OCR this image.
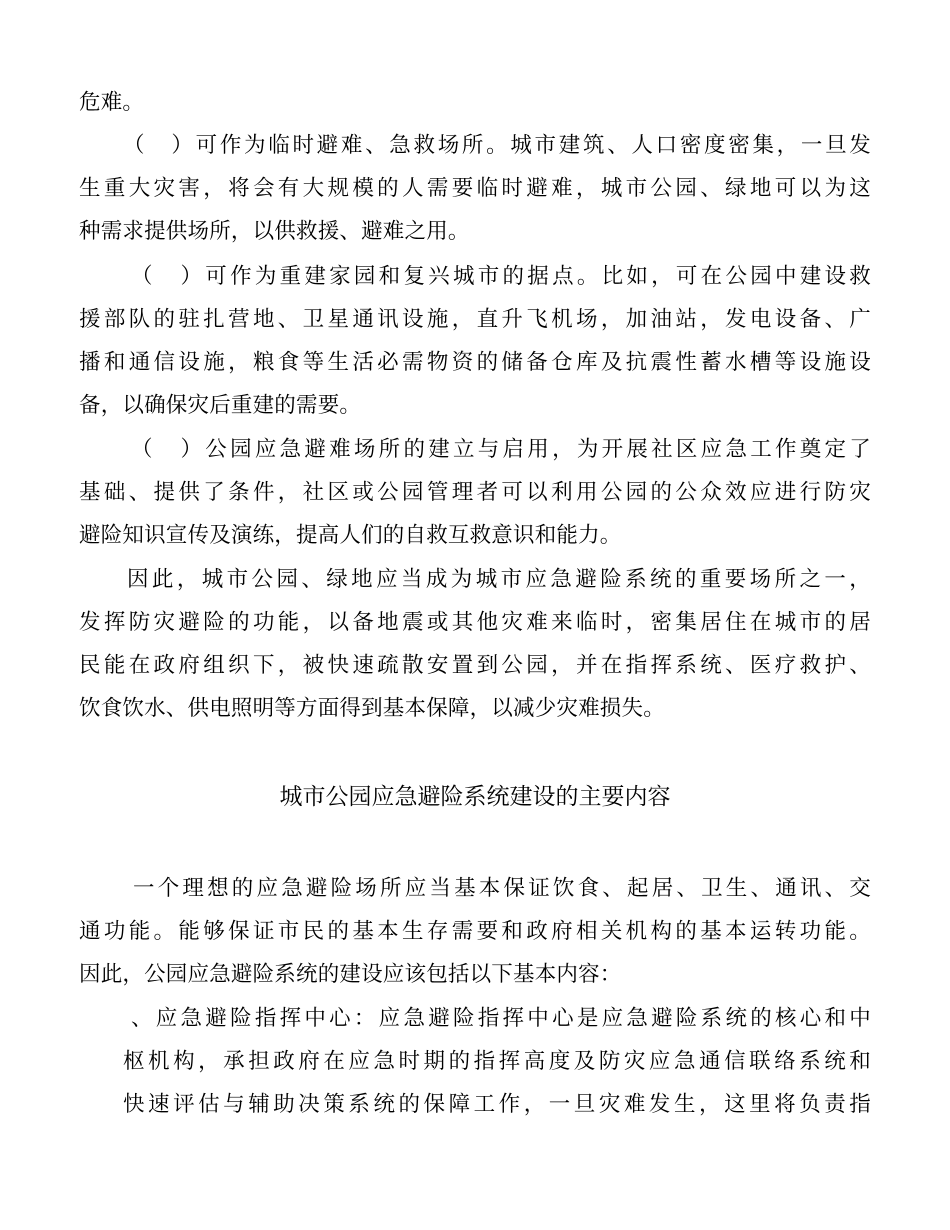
危难。
（　）可作为临时避难、急救场所。城市建筑、人口密度密集，一旦发
生重大灾害，将会有大规模的人需要临时避难，城市公园、绿地可以为这
种需求提供场所，以供救援、避难之用。
（　）可作为重建家园和复兴城市的据点。比如，可在公园中建设救
援部队的驻扎营地、卫星通讯设施，直升飞机场，加油站，发电设备、广
播和通信设施，粮食等生活必需物资的储备仓库及抗震性蓄水槽等设施设
备，以确保灾后重建的需要。
（　）公园应急避难场所的建立与启用，为开展社区应急工作奠定了
基础、提供了条件，社区或公园管理者可以利用公园的公众效应进行防灾
避险知识宣传及演练，提高人们的自救互救意识和能力。
因此，城市公园、绿地应当成为城市应急避险系统的重要场所之一，
发挥防灾避险的功能，以备地震或其他灾难来临时，密集居住在城市的居
民能在政府组织下，被快速疏散安置到公园，并在指挥系统、医疗救护、
饮食饮水、供电照明等方面得到基本保障，以减少灾难损失。
城市公园应急避险系统建设的主要内容
一个理想的应急避险场所应当基本保证饮食、起居、卫生、通讯、交
通功能。能够保证市民的基本生存需要和政府相关机构的基本运转功能。
因此，公园应急避险系统的建设应该包括以下基本内容：
、应急避险指挥中心：应急避险指挥中心是应急避险系统的核心和中
枢机构，承担政府在应急时期的指挥高度及防灾应急通信联络系统和
快速评估与辅助决策系统的保障工作，一旦灾难发生，这里将负责指
